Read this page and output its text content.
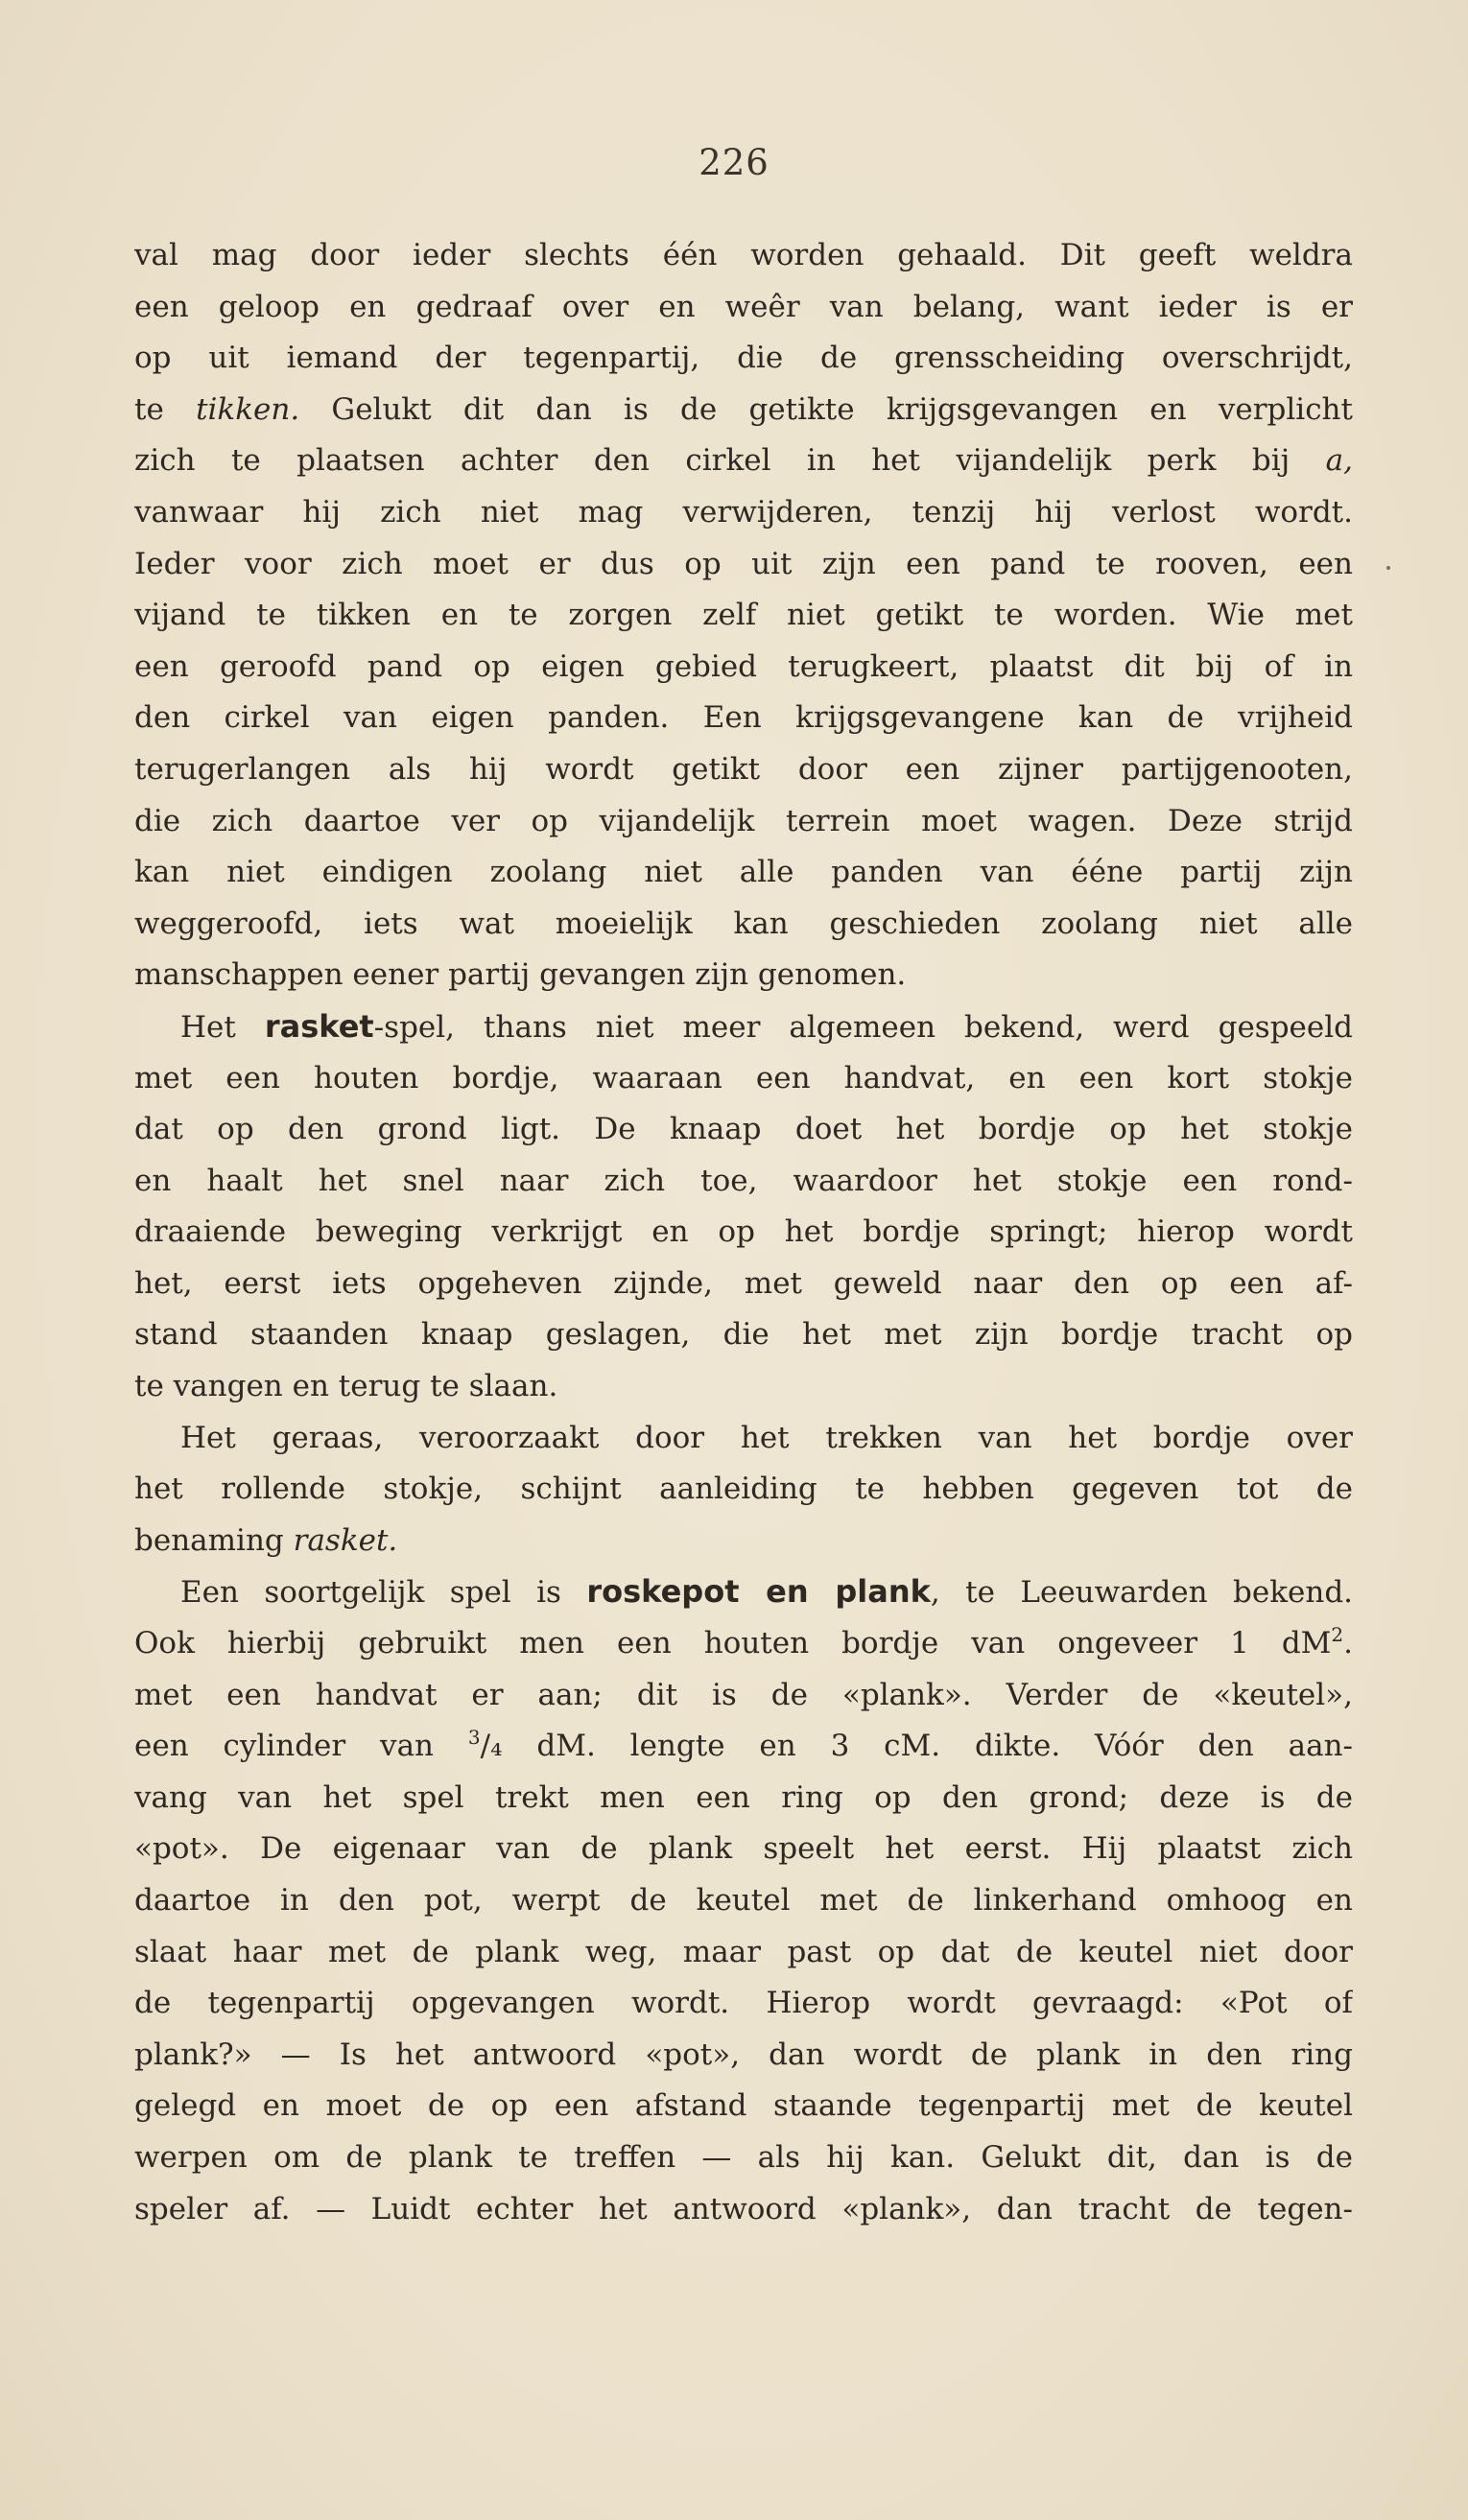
226
val mag door ieder slechts één worden gehaald. Dit geeft weldra
een geloop en gedraaf over en weêr van belang, want ieder is er
op uit iemand der tegenpartij, die de grensscheiding overschrijdt,
te tikken. Gelukt dit dan is de getikte krijgsgevangen en verplicht
zich te plaatsen achter den cirkel in het vijandelijk perk bij a,
vanwaar hij zich niet mag verwijderen, tenzij hij verlost wordt.
Ieder voor zich moet er dus op uit zijn een pand te rooven, een
vijand te tikken en te zorgen zelf niet getikt te worden. Wie met
een geroofd pand op eigen gebied terugkeert, plaatst dit bij of in
den cirkel van eigen panden. Een krijgsgevangene kan de vrijheid
terugerlangen als hij wordt getikt door een zijner partijgenooten,
die zich daartoe ver op vijandelijk terrein moet wagen. Deze strijd
kan niet eindigen zoolang niet alle panden van ééne partij zijn
weggeroofd, iets wat moeielijk kan geschieden zoolang niet alle
manschappen eener partij gevangen zijn genomen.
Het rasket-spel, thans niet meer algemeen bekend, werd gespeeld
met een houten bordje, waaraan een handvat, en een kort stokje
dat op den grond ligt. De knaap doet het bordje op het stokje
en haalt het snel naar zich toe, waardoor het stokje een rond-
draaiende beweging verkrijgt en op het bordje springt; hierop wordt
het, eerst iets opgeheven zijnde, met geweld naar den op een af-
stand staanden knaap geslagen, die het met zijn bordje tracht op
te vangen en terug te slaan.
Het geraas, veroorzaakt door het trekken van het bordje over
het rollende stokje, schijnt aanleiding te hebben gegeven tot de
benaming rasket.
Een soortgelijk spel is roskepot en plank, te Leeuwarden bekend.
Ook hierbij gebruikt men een houten bordje van ongeveer 1 $dM^2$.
met een handvat er aan; dit is de «plank». Verder de «keutel»,
een cylinder van $^3$/₄ dM. lengte en 3 cM. dikte. Vóór den aan-
vang van het spel trekt men een ring op den grond; deze is de
«pot». De eigenaar van de plank speelt het eerst. Hij plaatst zich
daartoe in den pot, werpt de keutel met de linkerhand omhoog en
slaat haar met de plank weg, maar past op dat de keutel niet door
de tegenpartij opgevangen wordt. Hierop wordt gevraagd: «Pot of
plank?» — Is het antwoord «pot», dan wordt de plank in den ring
gelegd en moet de op een afstand staande tegenpartij met de keutel
werpen om de plank te treffen — als hij kan. Gelukt dit, dan is de
speler af. — Luidt echter het antwoord «plank», dan tracht de tegen-
